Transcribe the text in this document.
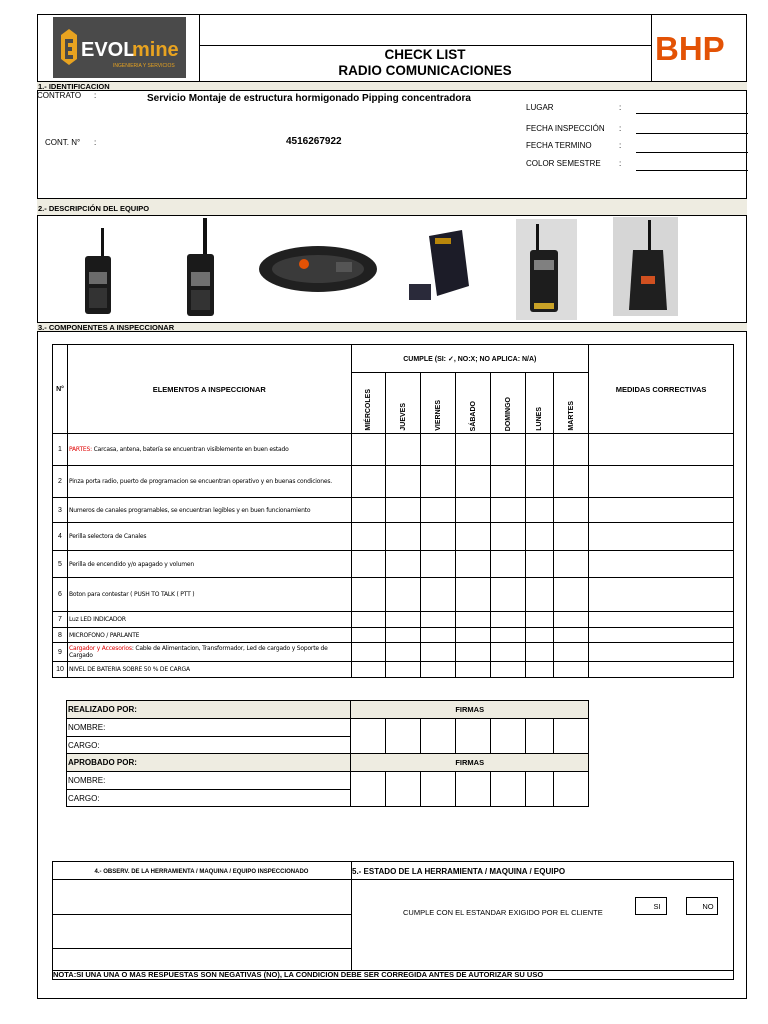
EVOL
mine
INGENIERIA Y SERVICIOS
CHECK LIST
RADIO COMUNICACIONES
BHP
1.- IDENTIFICACION
CONTRATO :	Servicio Montaje de estructura hormigonado Pipping concentradora
CONT. N° :	4516267922
LUGAR	:
FECHA INSPECCIÓN :
FECHA TERMINO	:
COLOR SEMESTRE :
2.- DESCRIPCIÓN DEL EQUIPO
3.- COMPONENTES A INSPECCIONAR
N°	ELEMENTOS A INSPECCIONAR	CUMPLE (SI: ✓, NO:X; NO APLICA: N/A)							MEDIDAS CORRECTIVAS

		MIÉRCOLES	JUEVES	VIERNES	SÁBADO	DOMINGO	LUNES	MARTES	

1	PARTES: Carcasa, antena, batería se encuentran visiblemente en buen estado								
2	Pinza porta radio, puerto de programacion se encuentran operativo y en buenas condiciones.								
3	Numeros de canales programables, se encuentran legibles y en buen funcionamiento								
4	Perilla selectora de Canales								
5	Perilla de encendido y/o apagado y volumen								
6	Boton para contestar ( PUSH TO TALK ( PTT )								
7	Luz LED INDICADOR								
8	MICROFONO / PARLANTE								
9	Cargador y Accesorios: Cable de Alimentacion, Transformador, Led de cargado y Soporte de Cargado								
10	NIVEL DE BATERIA SOBRE 50 % DE CARGA								
REALIZADO POR:	FIRMAS						
NOMBRE:							
CARGO:							
APROBADO POR:	FIRMAS						
NOMBRE:							
CARGO:							
4.- OBSERV. DE LA HERRAMIENTA / MAQUINA / EQUIPO INSPECCIONADO	5.- ESTADO DE LA HERRAMIENTA / MAQUINA / EQUIPO
CUMPLE CON EL ESTANDAR EXIGIDO POR EL CLIENTE
SI	NO
NOTA:SI UNA UNA O MAS RESPUESTAS SON NEGATIVAS (NO), LA CONDICION DEBE SER CORREGIDA ANTES DE AUTORIZAR SU USO
